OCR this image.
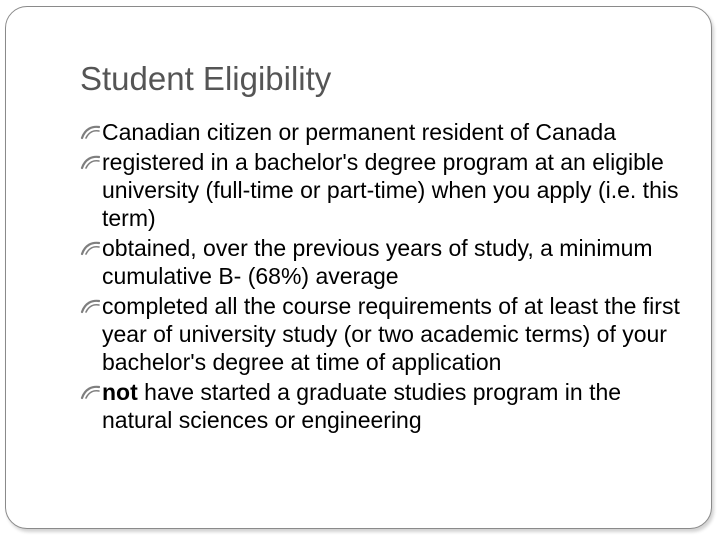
Student Eligibility
Canadian citizen or permanent resident of Canada
registered in a bachelor's degree program at an eligible university (full-time or part-time) when you apply (i.e. this term)
obtained, over the previous years of study, a minimum cumulative B- (68%) average
completed all the course requirements of at least the first year of university study (or two academic terms) of your bachelor's degree at time of application
not have started a graduate studies program in the natural sciences or engineering
